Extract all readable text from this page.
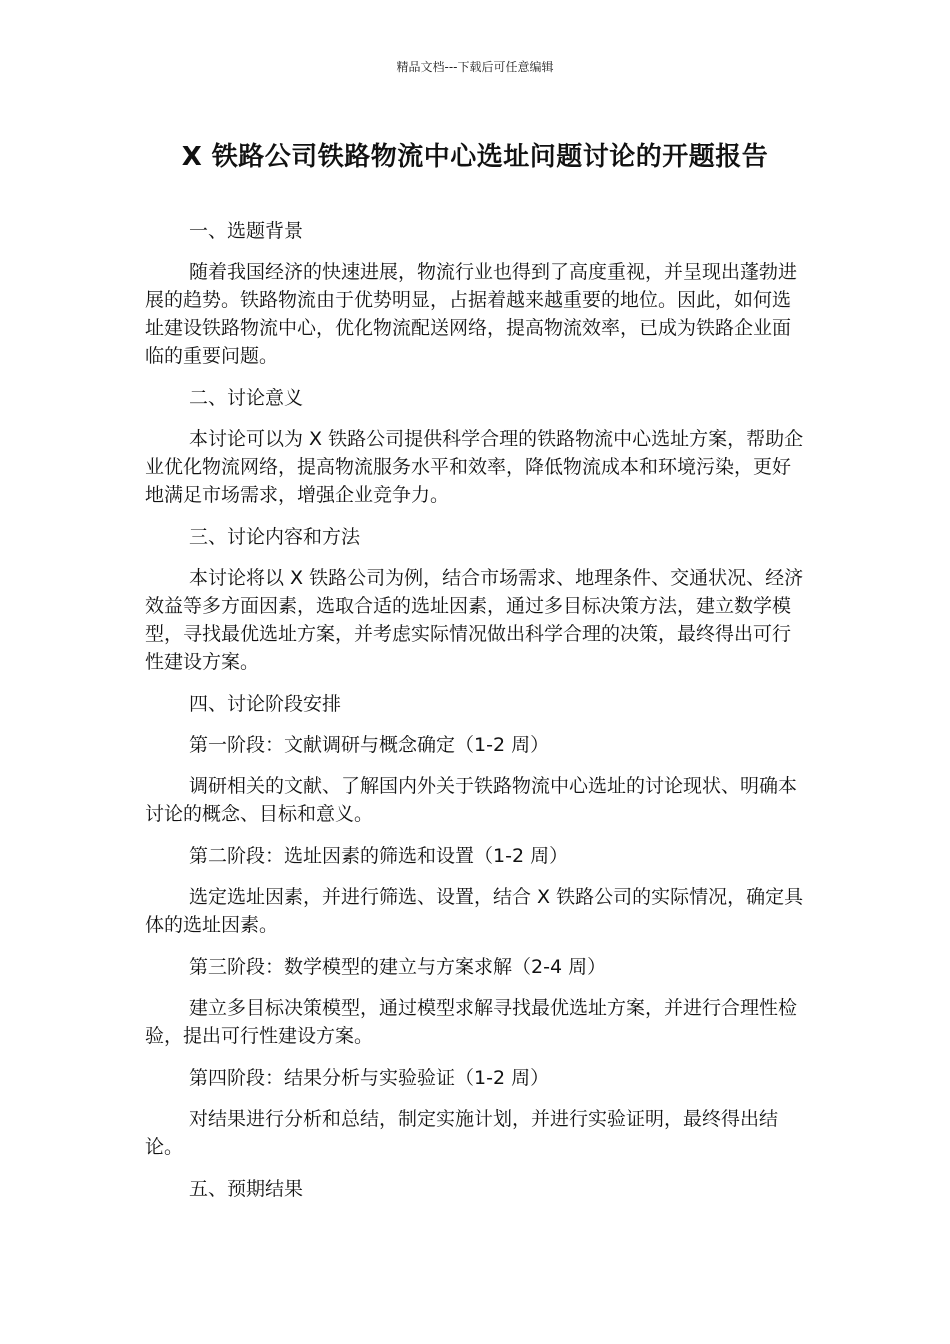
精品文档---下载后可任意编辑
X 铁路公司铁路物流中心选址问题讨论的开题报告

一、选题背景

随着我国经济的快速进展，物流行业也得到了高度重视，并呈现出蓬勃进展的趋势。铁路物流由于优势明显，占据着越来越重要的地位。因此，如何选址建设铁路物流中心，优化物流配送网络，提高物流效率，已成为铁路企业面临的重要问题。

二、讨论意义

本讨论可以为 X 铁路公司提供科学合理的铁路物流中心选址方案，帮助企业优化物流网络，提高物流服务水平和效率，降低物流成本和环境污染，更好地满足市场需求，增强企业竞争力。

三、讨论内容和方法

本讨论将以 X 铁路公司为例，结合市场需求、地理条件、交通状况、经济效益等多方面因素，选取合适的选址因素，通过多目标决策方法，建立数学模型，寻找最优选址方案，并考虑实际情况做出科学合理的决策，最终得出可行性建设方案。

四、讨论阶段安排

第一阶段：文献调研与概念确定（1-2 周）

调研相关的文献、了解国内外关于铁路物流中心选址的讨论现状、明确本讨论的概念、目标和意义。

第二阶段：选址因素的筛选和设置（1-2 周）

选定选址因素，并进行筛选、设置，结合 X 铁路公司的实际情况，确定具体的选址因素。

第三阶段：数学模型的建立与方案求解（2-4 周）

建立多目标决策模型，通过模型求解寻找最优选址方案，并进行合理性检验，提出可行性建设方案。

第四阶段：结果分析与实验验证（1-2 周）

对结果进行分析和总结，制定实施计划，并进行实验证明，最终得出结论。

五、预期结果
